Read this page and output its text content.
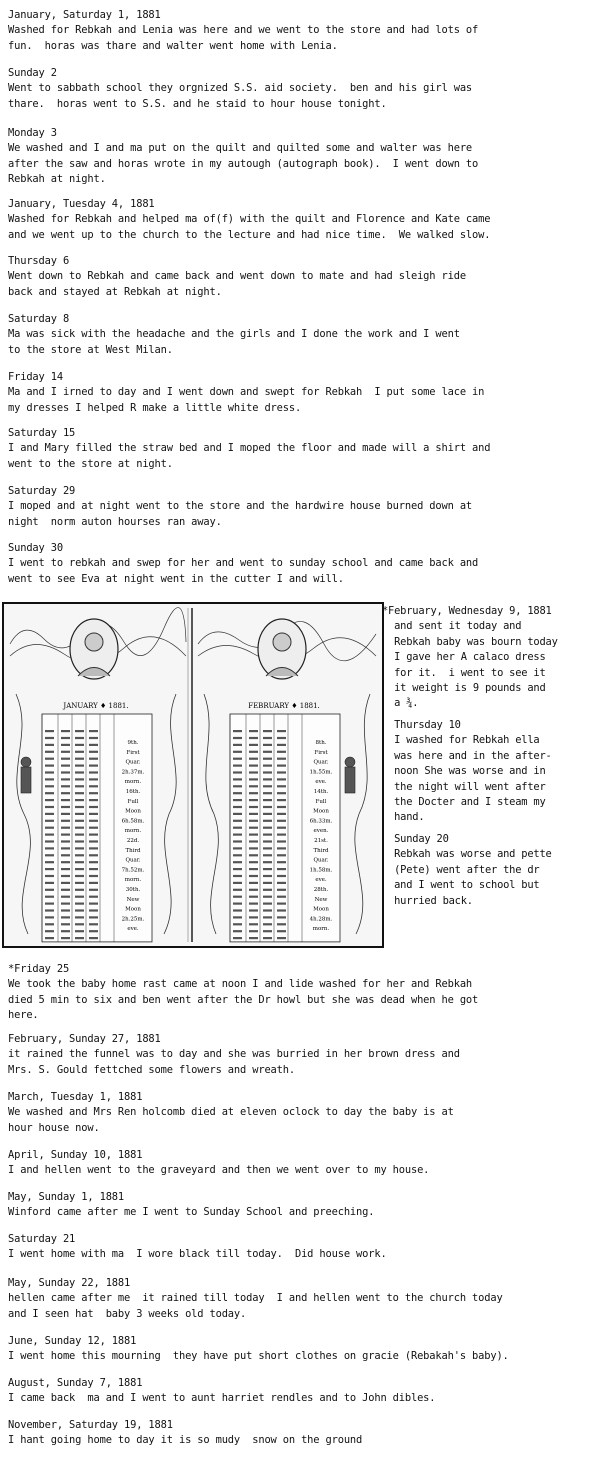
9th.
First
Quar.
2h.37m.
morn.
16th.
Full
Moon
6h.58m.
morn.
22d.
Third
Quar.
7h.52m.
morn.
30th.
New
Moon
2h.25m.
eve.
8th.
First
Quar.
1h.55m.
eve.
14th.
Full
Moon
6h.33m.
even.
21st.
Third
Quar.
1h.58m.
eve.
28th.
New
Moon
4h.28m.
morn.
JANUARY ♦ 1881.	FEBRUARY ♦ 1881.

*February, Wednesday 9, 1881

and sent it today and

Rebkah baby was bourn today

I gave her A calaco dress

for it.  i went to see it

it weight is 9 pounds and

a ¾.

Thursday 10

I washed for Rebkah ella

was here and in the after-

noon She was worse and in

the night will went after

the Docter and I steam my

hand.

Sunday 20

Rebkah was worse and pette

(Pete) went after the dr

and I went to school but

hurried back.

January, Saturday 1, 1881

Washed for Rebkah and Lenia was here and we went to the store and had lots of

fun.  horas was thare and walter went home with Lenia.

Sunday 2

Went to sabbath school they orgnized S.S. aid society.  ben and his girl was

thare.  horas went to S.S. and he staid to hour house tonight.

Monday 3

We washed and I and ma put on the quilt and quilted some and walter was here

after the saw and horas wrote in my autough (autograph book).  I went down to

Rebkah at night.

January, Tuesday 4, 1881

Washed for Rebkah and helped ma of(f) with the quilt and Florence and Kate came

and we went up to the church to the lecture and had nice time.  We walked slow.

Thursday 6

Went down to Rebkah and came back and went down to mate and had sleigh ride

back and stayed at Rebkah at night.

Saturday 8

Ma was sick with the headache and the girls and I done the work and I went

to the store at West Milan.

Friday 14

Ma and I irned to day and I went down and swept for Rebkah  I put some lace in

my dresses I helped R make a little white dress.

Saturday 15

I and Mary filled the straw bed and I moped the floor and made will a shirt and

went to the store at night.

Saturday 29

I moped and at night went to the store and the hardwire house burned down at

night  norm auton hourses ran away.

Sunday 30

I went to rebkah and swep for her and went to sunday school and came back and

went to see Eva at night went in the cutter I and will.

*Friday 25

We took the baby home rast came at noon I and lide washed for her and Rebkah

died 5 min to six and ben went after the Dr howl but she was dead when he got

here.

February, Sunday 27, 1881

it rained the funnel was to day and she was burried in her brown dress and

Mrs. S. Gould fettched some flowers and wreath.

March, Tuesday 1, 1881

We washed and Mrs Ren holcomb died at eleven oclock to day the baby is at

hour house now.

April, Sunday 10, 1881

I and hellen went to the graveyard and then we went over to my house.

May, Sunday 1, 1881

Winford came after me I went to Sunday School and preeching.

Saturday 21

I went home with ma  I wore black till today.  Did house work.

May, Sunday 22, 1881

hellen came after me  it rained till today  I and hellen went to the church today

and I seen hat  baby 3 weeks old today.

June, Sunday 12, 1881

I went home this mourning  they have put short clothes on gracie (Rebakah's baby).

August, Sunday 7, 1881

I came back  ma and I went to aunt harriet rendles and to John dibles.

November, Saturday 19, 1881

I hant going home to day it is so mudy  snow on the ground
